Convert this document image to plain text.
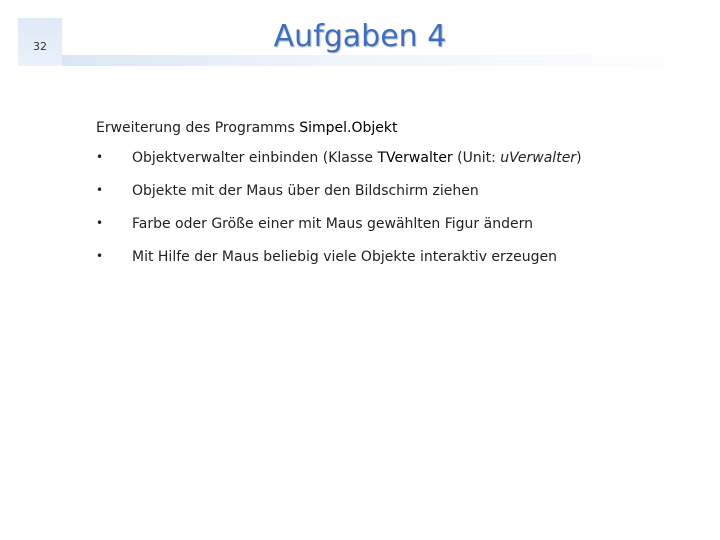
32	Aufgaben 4
Erweiterung des Programms Simpel.Objekt
• Objektverwalter einbinden (Klasse TVerwalter (Unit: uVerwalter)
• Objekte mit der Maus über den Bildschirm ziehen
• Farbe oder Größe einer mit Maus gewählten Figur ändern
• Mit Hilfe der Maus beliebig viele Objekte interaktiv erzeugen
